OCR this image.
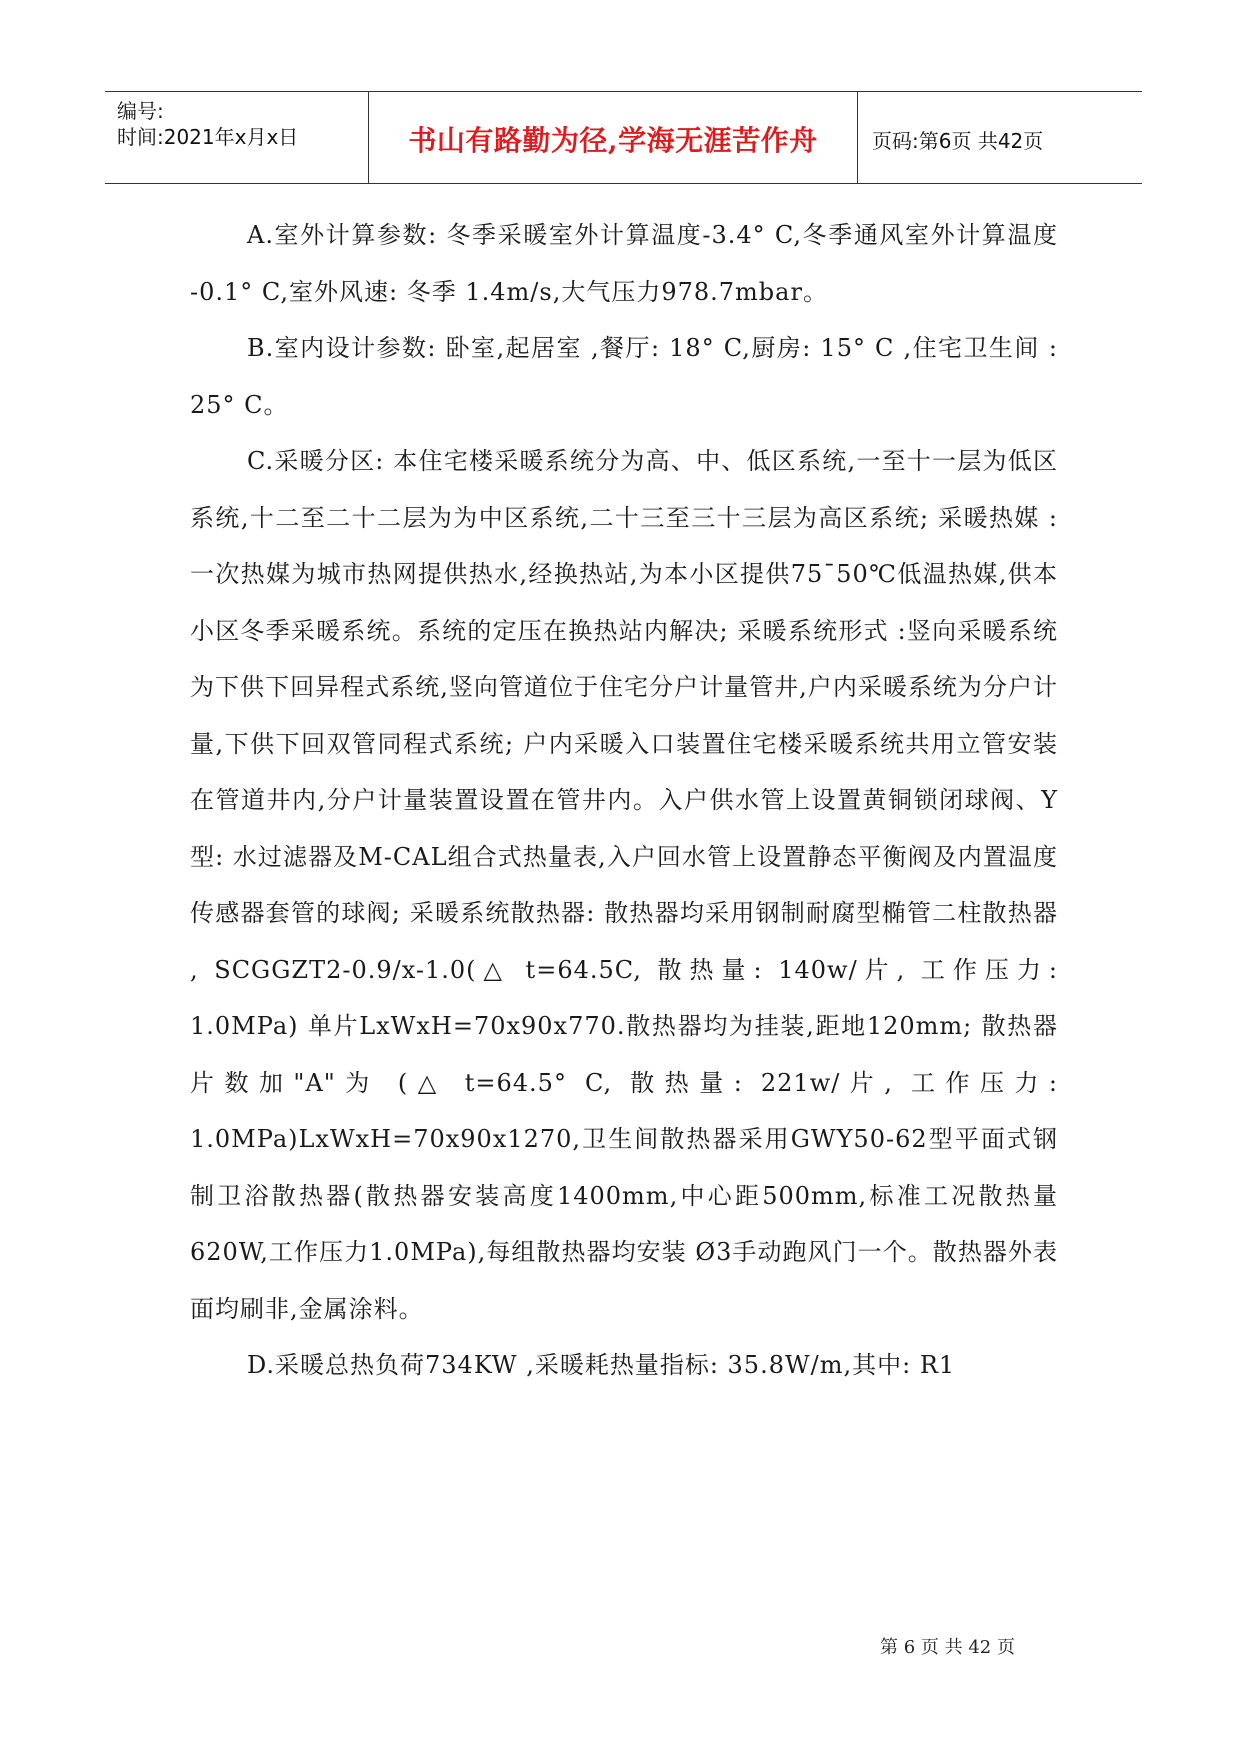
编号:
时间:2021年x月x日	书山有路勤为径,学海无涯苦作舟	页码:第6页 共42页

A.室外计算参数: 冬季采暖室外计算温度-3.4° C,冬季通风室外计算温度 -0.1° C,室外风速: 冬季 1.4m/s,大气压力978.7mbar。

B.室内设计参数: 卧室,起居室 ,餐厅: 18° C,厨房: 15° C ,住宅卫生间 : 25° C。

C.采暖分区: 本住宅楼采暖系统分为高、中、低区系统,一至十一层为低区系统,十二至二十二层为为中区系统,二十三至三十三层为高区系统; 采暖热媒 : 一次热媒为城市热网提供热水,经换热站,为本小区提供75¯50℃低温热媒,供本小区冬季采暖系统。系统的定压在换热站内解决; 采暖系统形式 :竖向采暖系统为下供下回异程式系统,竖向管道位于住宅分户计量管井,户内采暖系统为分户计量,下供下回双管同程式系统; 户内采暖入口装置住宅楼采暖系统共用立管安装在管道井内,分户计量装置设置在管井内。入户供水管上设置黄铜锁闭球阀、Y型: 水过滤器及M-CAL组合式热量表,入户回水管上设置静态平衡阀及内置温度传感器套管的球阀; 采暖系统散热器: 散热器均采用钢制耐腐型椭管二柱散热器 , SCGGZT2-0.9/x-1.0(△ t=64.5C, 散热量: 140w/片, 工作压力: 1.0MPa) 单片LxWxH=70x90x770.散热器均为挂装,距地120mm; 散热器片数加"A"为 (△ t=64.5° C, 散热量: 221w/片, 工作压力: 1.0MPa)LxWxH=70x90x1270,卫生间散热器采用GWY50-62型平面式钢制卫浴散热器(散热器安装高度1400mm,中心距500mm,标准工况散热量620W,工作压力1.0MPa),每组散热器均安装 Ø3手动跑风门一个。散热器外表面均刷非,金属涂料。

D.采暖总热负荷734KW ,采暖耗热量指标: 35.8W/m,其中: R1

第 6 页 共 42 页
